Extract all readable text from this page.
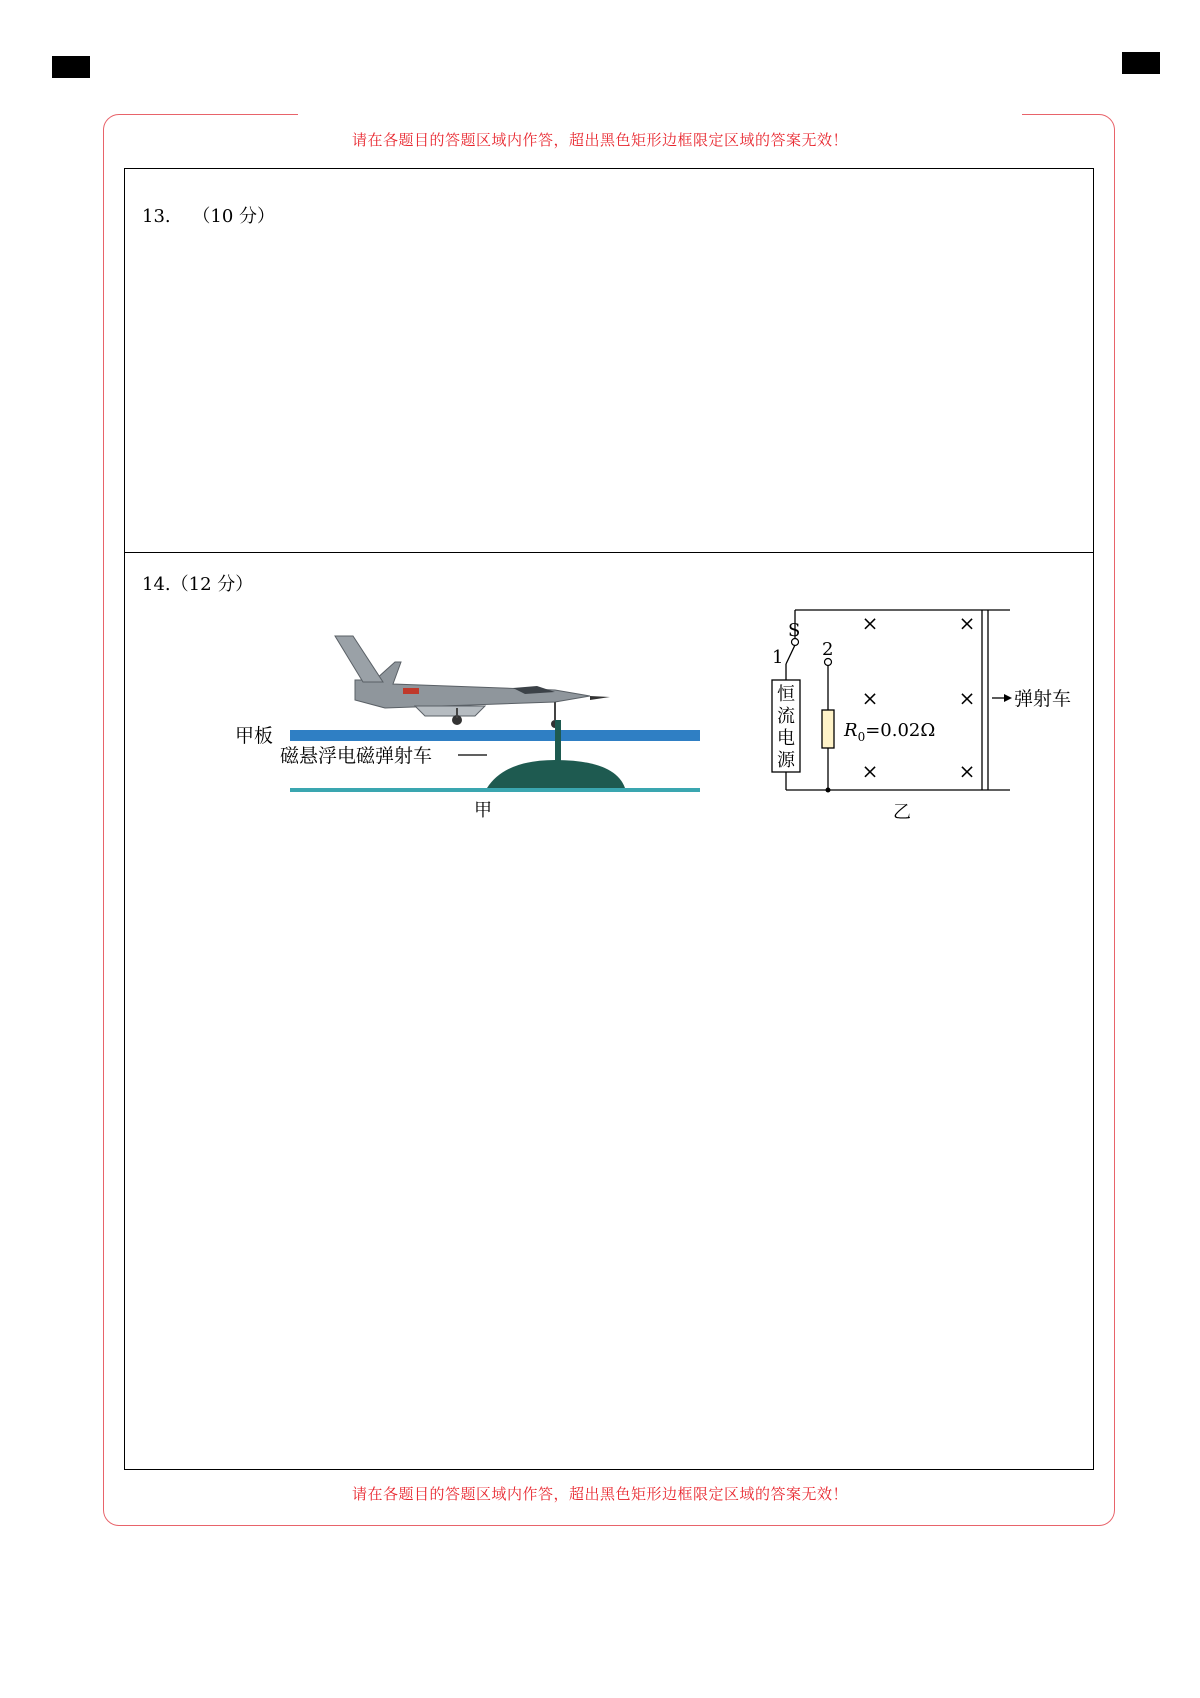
请在各题目的答题区域内作答，超出黑色矩形边框限定区域的答案无效！
请在各题目的答题区域内作答，超出黑色矩形边框限定区域的答案无效！
13. （10 分）
14.（12 分）
甲板
磁悬浮电磁弹射车
甲
S
1 2
恒
流
电
源
$R_0=0.02\Omega$
×	×
×	×
×	×
弹射车
乙
